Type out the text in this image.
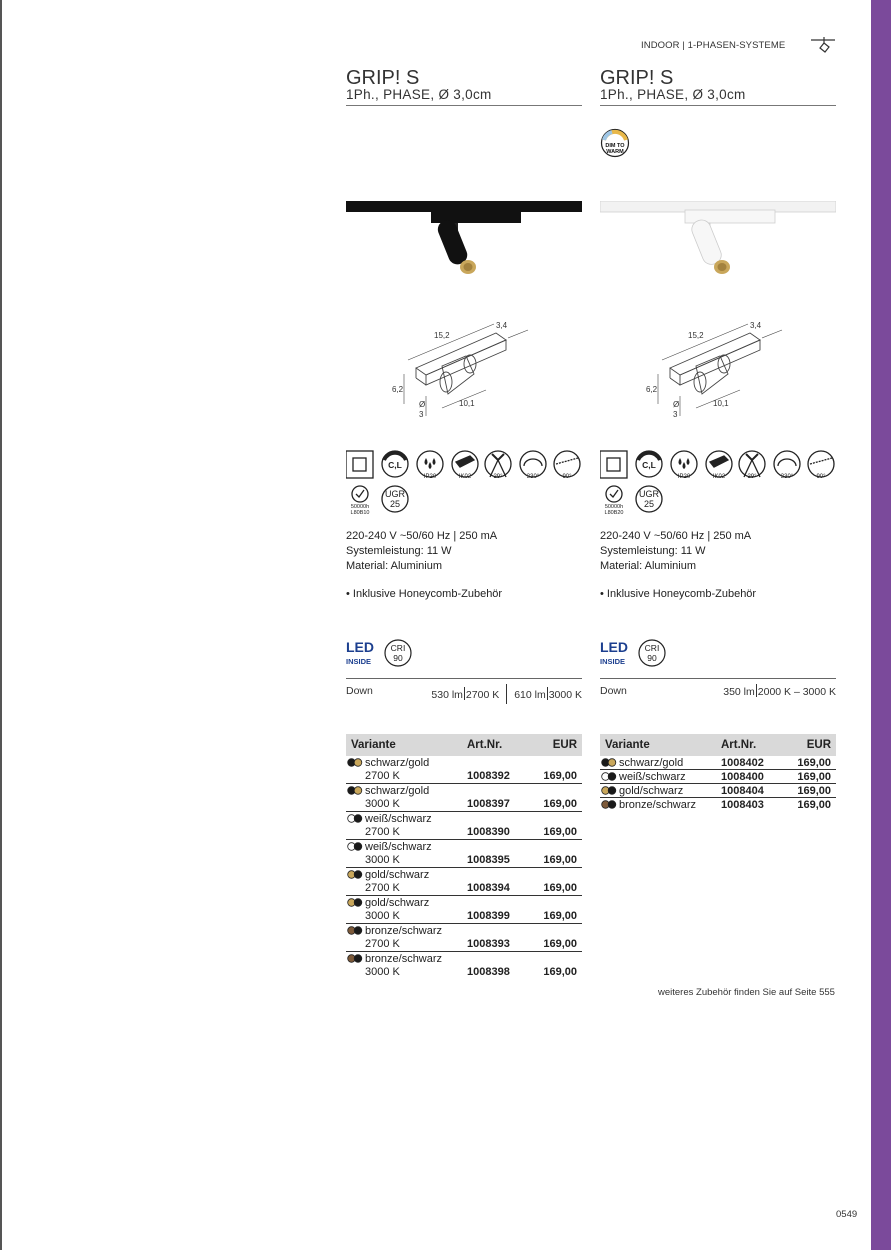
INDOOR | 1-PHASEN-SYSTEME
GRIP! S
1Ph., PHASE, Ø 3,0cm
15,2
3,4
6,2
Ø
3
10,1
C,L
IP20	IK02	29°	330°	90°
50000h
L80B10
UGR
25
220-240 V ~50/60 Hz | 250 mA
Systemleistung: 11 W
Material: Aluminium
• Inklusive Honeycomb-Zubehör
LED
INSIDE
CRI
90
Down	530 lm 2700 K 610 lm 3000 K
Variante	Art.Nr.	EUR
schwarz/gold
2700 K	1008392	169,00
schwarz/gold
3000 K	1008397	169,00
weiß/schwarz
2700 K	1008390	169,00
weiß/schwarz
3000 K	1008395	169,00
gold/schwarz
2700 K	1008394	169,00
gold/schwarz
3000 K	1008399	169,00
bronze/schwarz
2700 K	1008393	169,00
bronze/schwarz
3000 K	1008398	169,00
GRIP! S
1Ph., PHASE, Ø 3,0cm
DIM TO
WARM
15,2
3,4
6,2
Ø
3
10,1
C,L
IP20	IK02	29°	330°	90°
50000h
L80B20
UGR
25
220-240 V ~50/60 Hz | 250 mA
Systemleistung: 11 W
Material: Aluminium
• Inklusive Honeycomb-Zubehör
LED
INSIDE
CRI
90
Down	350 lm 2000 K – 3000 K
Variante	Art.Nr.	EUR
schwarz/gold	1008402	169,00
weiß/schwarz	1008400	169,00
gold/schwarz	1008404	169,00
bronze/schwarz 1008403	169,00
weiteres Zubehör finden Sie auf Seite 555
0549
